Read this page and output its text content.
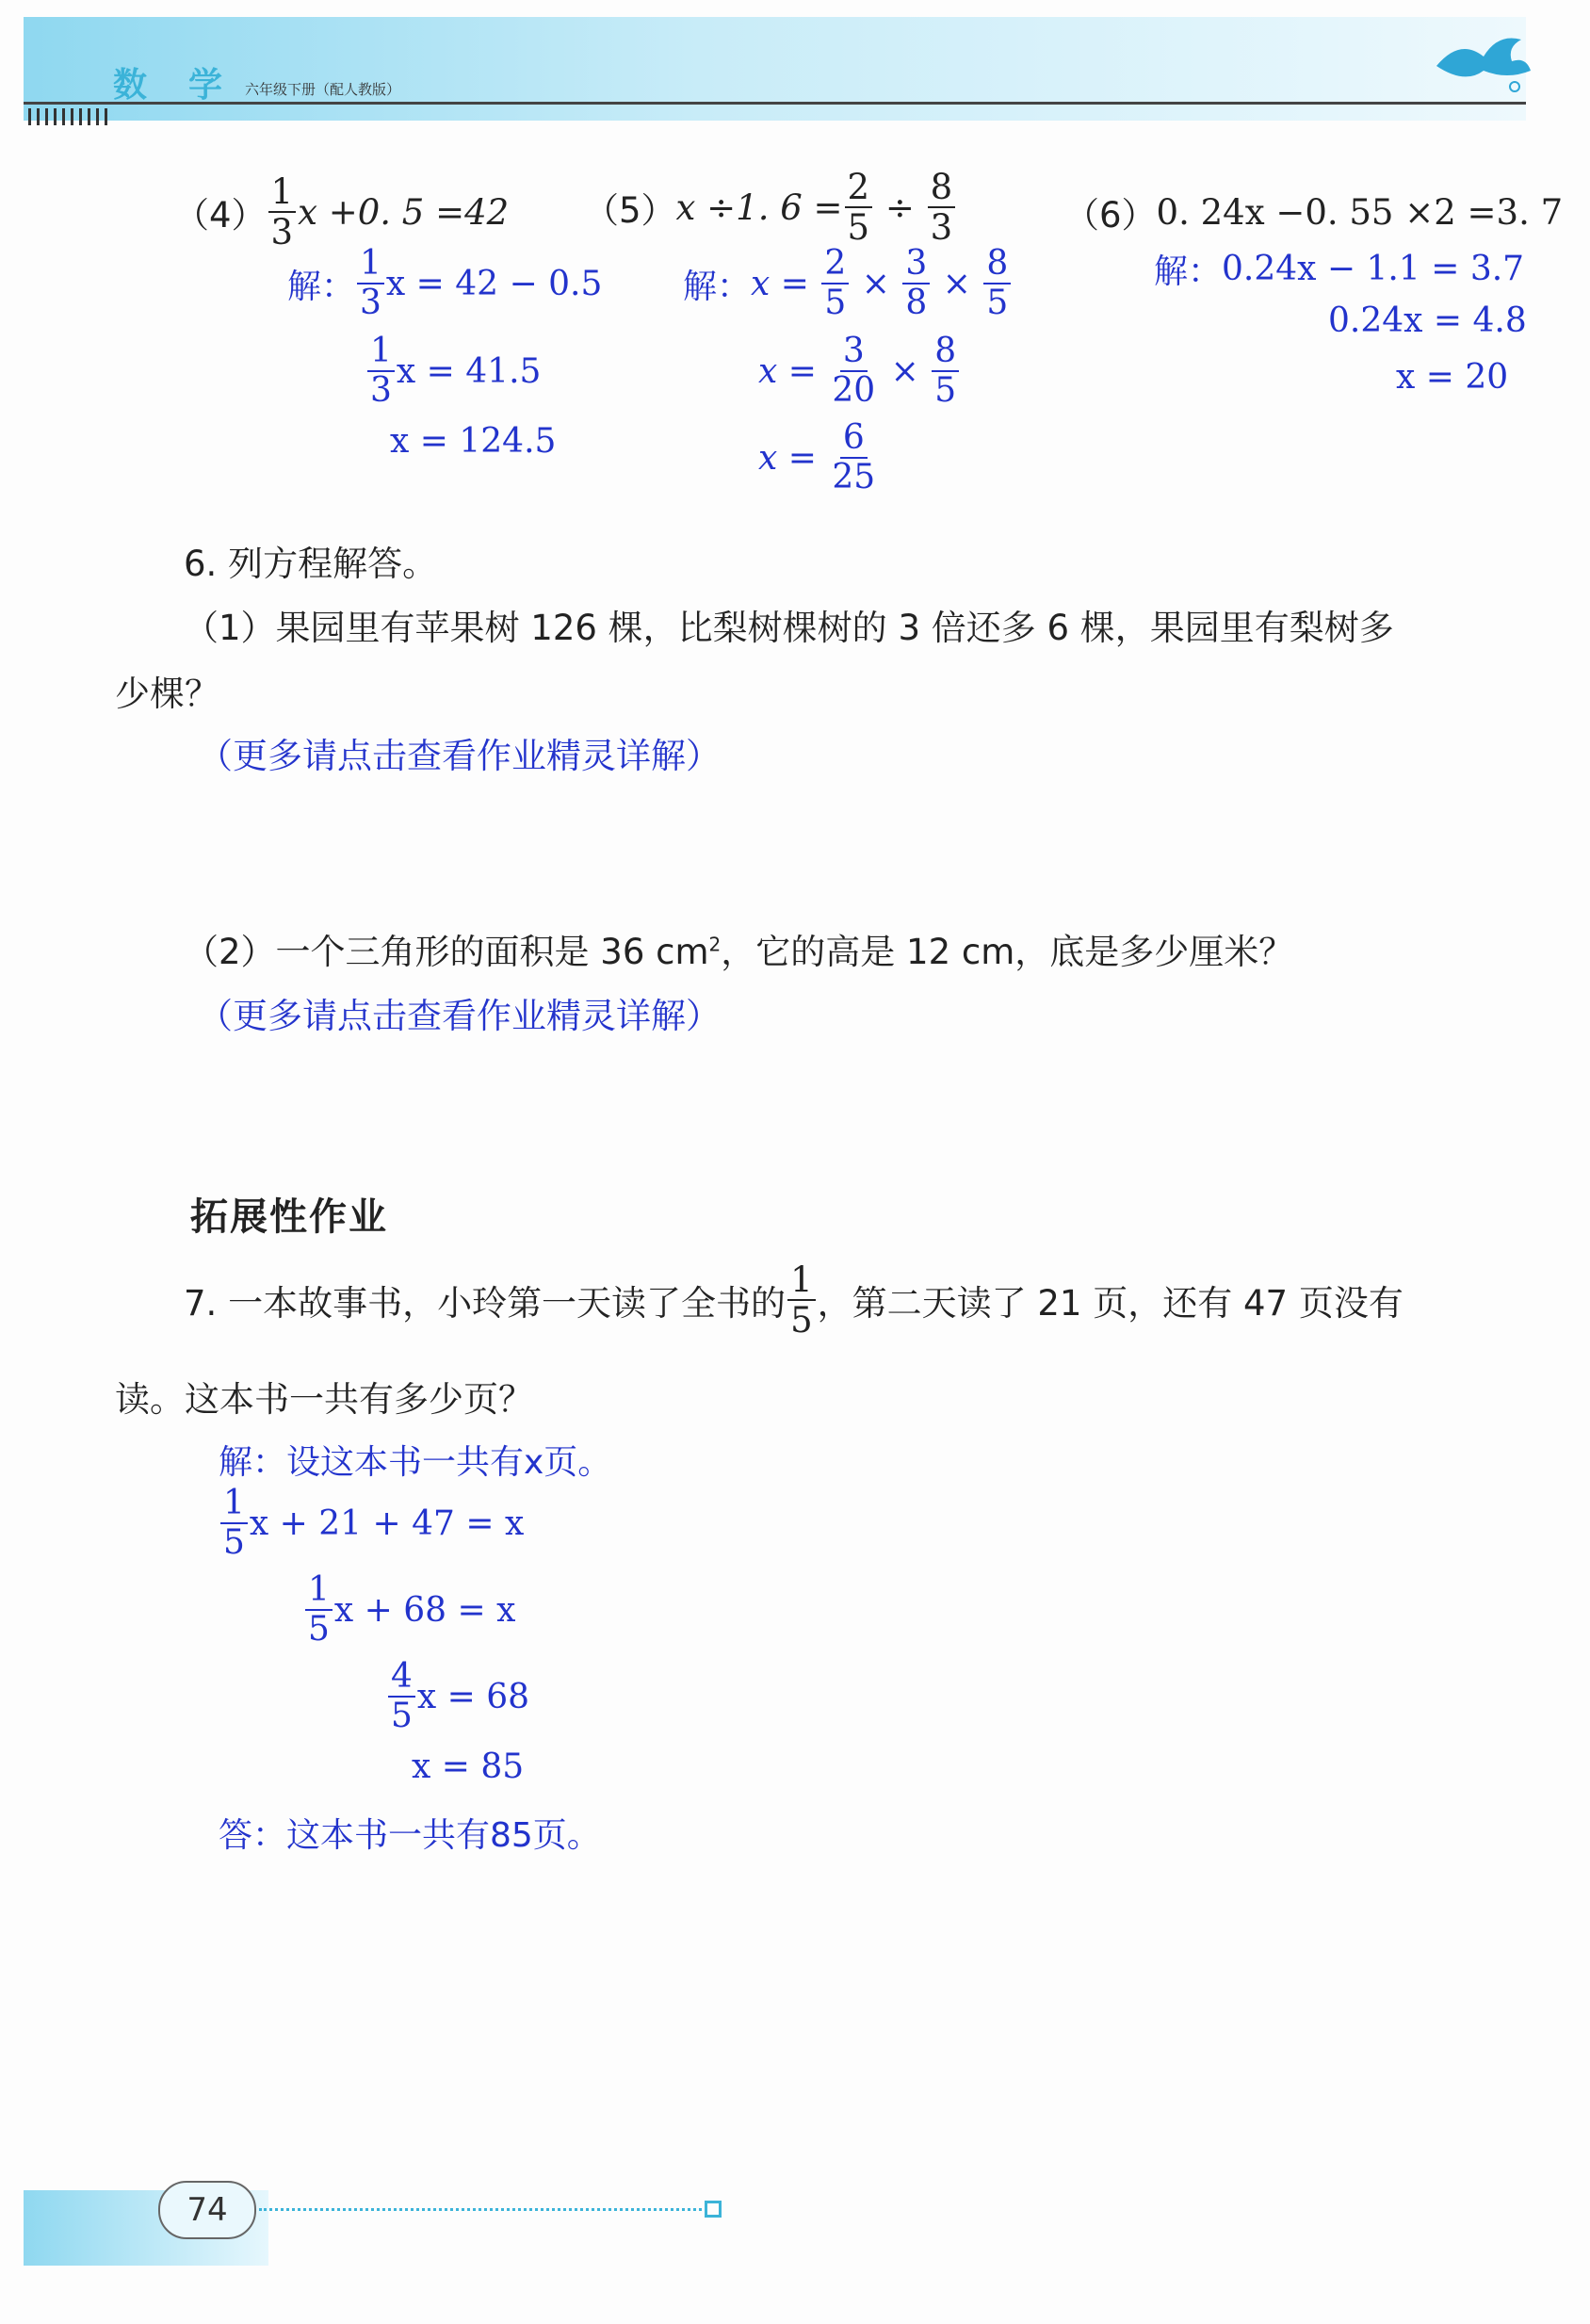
数　学 六年级下册（配人教版）
$(4) \frac{1}{3}$ x +0. 5 =42
解： $\frac{1}{3}$ x = 42 − 0.5
$\frac{1}{3}$ x = 41.5
x = 124.5
（5） x ÷1. $6 = \frac{2}{5} \div \frac{8}{3}$
解： x =
$\frac{2}{5} \times \frac{3}{8} \times \frac{8}{5}$
x =
$\frac{3}{20} \times \frac{8}{5}$
x =
$\frac{6}{25}$
（6） 0. 24x −0. 55 ×2 =3. 7
解： 0.24x − 1.1 = 3.7
0.24x = 4.8
x = 20
6. 列方程解答。
（1）果园里有苹果树 126 棵，比梨树棵树的 3 倍还多 6 棵，果园里有梨树多
少棵？
（更多请点击查看作业精灵详解）
（2）一个三角形的面积是 36 $cm^2$，它的高是 12 cm，底是多少厘米？
（更多请点击查看作业精灵详解）
拓展性作业
7. 一本故事书，小玲第一天读了全书的 $\frac{1}{5}$ ，第二天读了 21 页，还有 47 页没有
读。这本书一共有多少页？
解：设这本书一共有x页。
$\frac{1}{5}$ x + 21 + 47 = x
$\frac{1}{5}$ x + 68 = x
$\frac{4}{5}$ x = 68
x = 85
答：这本书一共有85页。
74
